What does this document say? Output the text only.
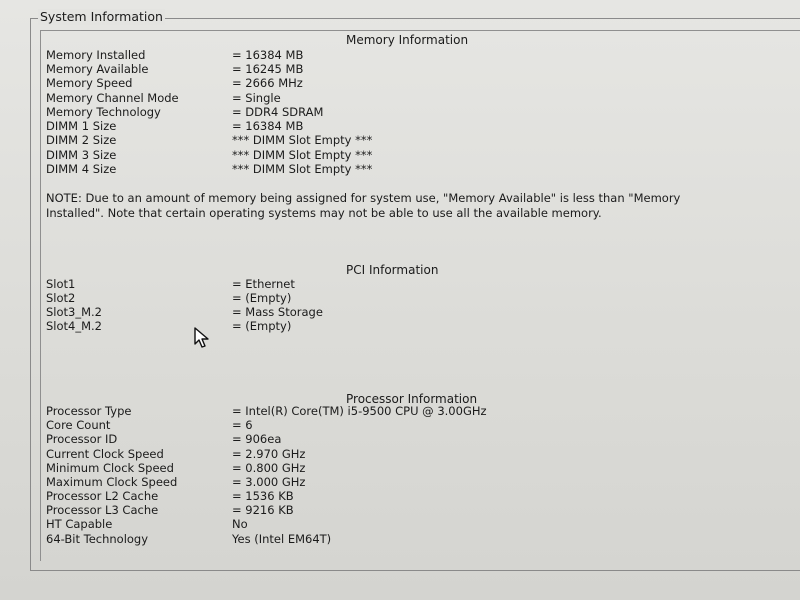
System Information
Memory Information
Memory Installed	= 16384 MB
Memory Available	= 16245 MB
Memory Speed	= 2666 MHz
Memory Channel Mode	= Single
Memory Technology	= DDR4 SDRAM
DIMM 1 Size	= 16384 MB
DIMM 2 Size	*** DIMM Slot Empty ***
DIMM 3 Size	*** DIMM Slot Empty ***
DIMM 4 Size	*** DIMM Slot Empty ***
NOTE: Due to an amount of memory being assigned for system use, "Memory Available" is less than "Memory Installed". Note that certain operating systems may not be able to use all the available memory.
PCI Information
Slot1	= Ethernet
Slot2	= (Empty)
Slot3_M.2	= Mass Storage
Slot4_M.2	= (Empty)
Processor Information
Processor Type	= Intel(R) Core(TM) i5-9500 CPU @ 3.00GHz
Core Count	= 6
Processor ID	= 906ea
Current Clock Speed	= 2.970 GHz
Minimum Clock Speed	= 0.800 GHz
Maximum Clock Speed	= 3.000 GHz
Processor L2 Cache	= 1536 KB
Processor L3 Cache	= 9216 KB
HT Capable	No
64-Bit Technology	Yes (Intel EM64T)
